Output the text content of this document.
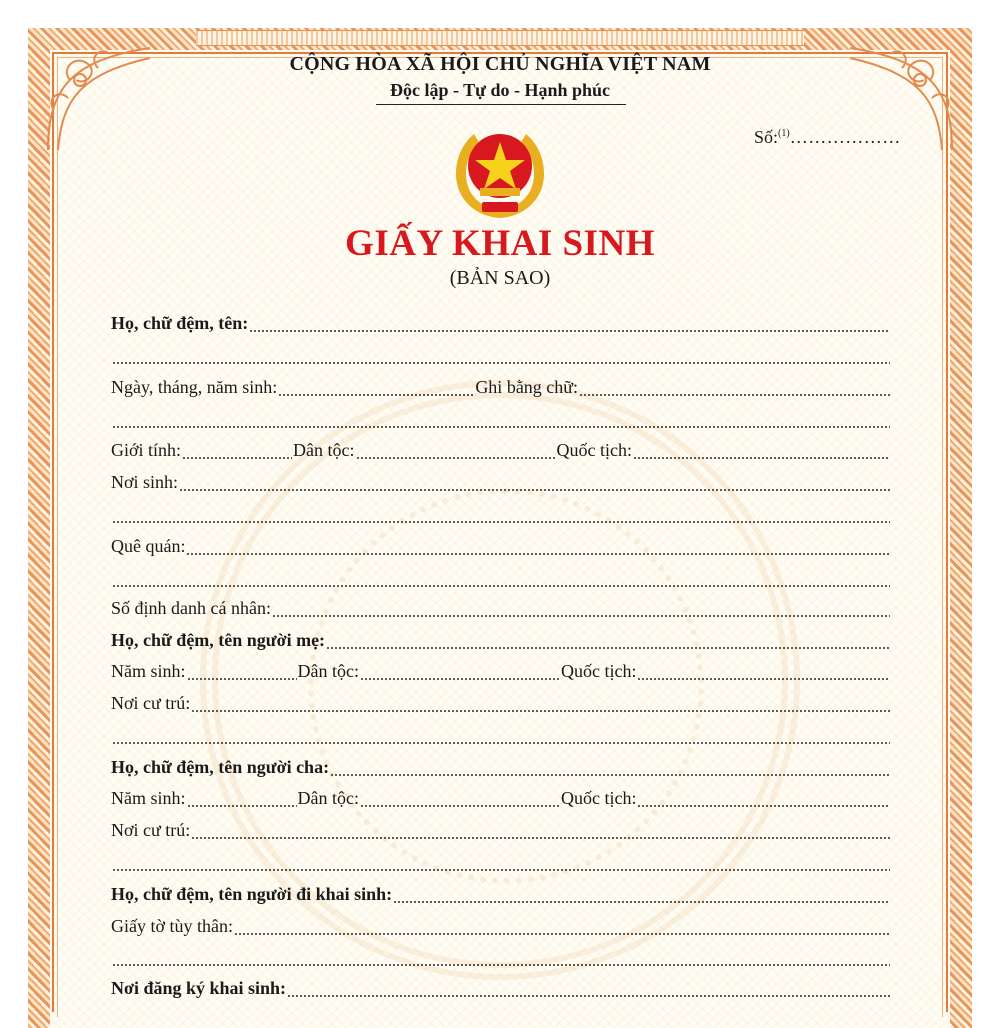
CỘNG HÒA XÃ HỘI CHỦ NGHĨA VIỆT NAM
Độc lập - Tự do - Hạnh phúc
Số:$^{(1)}$………………
GIẤY KHAI SINH
(BẢN SAO)
Họ, chữ đệm, tên:
Ngày, tháng, năm sinh:	Ghi bằng chữ:
Giới tính:	Dân tộc:	Quốc tịch:
Nơi sinh:
Quê quán:
Số định danh cá nhân:
Họ, chữ đệm, tên người mẹ:
Năm sinh:	Dân tộc:	Quốc tịch:
Nơi cư trú:
Họ, chữ đệm, tên người cha:
Năm sinh:	Dân tộc:	Quốc tịch:
Nơi cư trú:
Họ, chữ đệm, tên người đi khai sinh:
Giấy tờ tùy thân:
Nơi đăng ký khai sinh:
